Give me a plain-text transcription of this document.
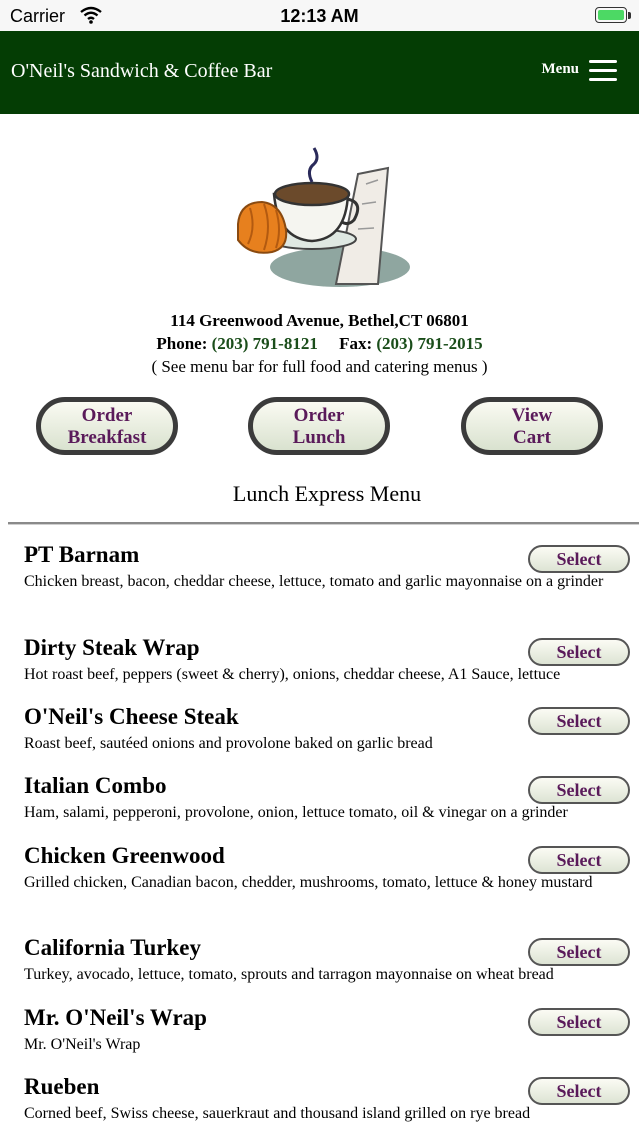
Carrier	12:13 AM
O'Neil's Sandwich & Coffee Bar	Menu
114 Greenwood Avenue, Bethel,CT 06801
Phone: (203) 791-8121 Fax: (203) 791-2015
( See menu bar for full food and catering menus )
Order
Breakfast
Order
Lunch
View
Cart
Lunch Express Menu
PT Barnam
Chicken breast, bacon, cheddar cheese, lettuce, tomato and garlic mayonnaise on a grinder
Select
Dirty Steak Wrap
Hot roast beef, peppers (sweet & cherry), onions, cheddar cheese, A1 Sauce, lettuce
Select
O'Neil's Cheese Steak
Roast beef, sautéed onions and provolone baked on garlic bread
Select
Italian Combo
Ham, salami, pepperoni, provolone, onion, lettuce tomato, oil & vinegar on a grinder
Select
Chicken Greenwood
Grilled chicken, Canadian bacon, chedder, mushrooms, tomato, lettuce & honey mustard
Select
California Turkey
Turkey, avocado, lettuce, tomato, sprouts and tarragon mayonnaise on wheat bread
Select
Mr. O'Neil's Wrap
Mr. O'Neil's Wrap
Select
Rueben
Corned beef, Swiss cheese, sauerkraut and thousand island grilled on rye bread
Select
